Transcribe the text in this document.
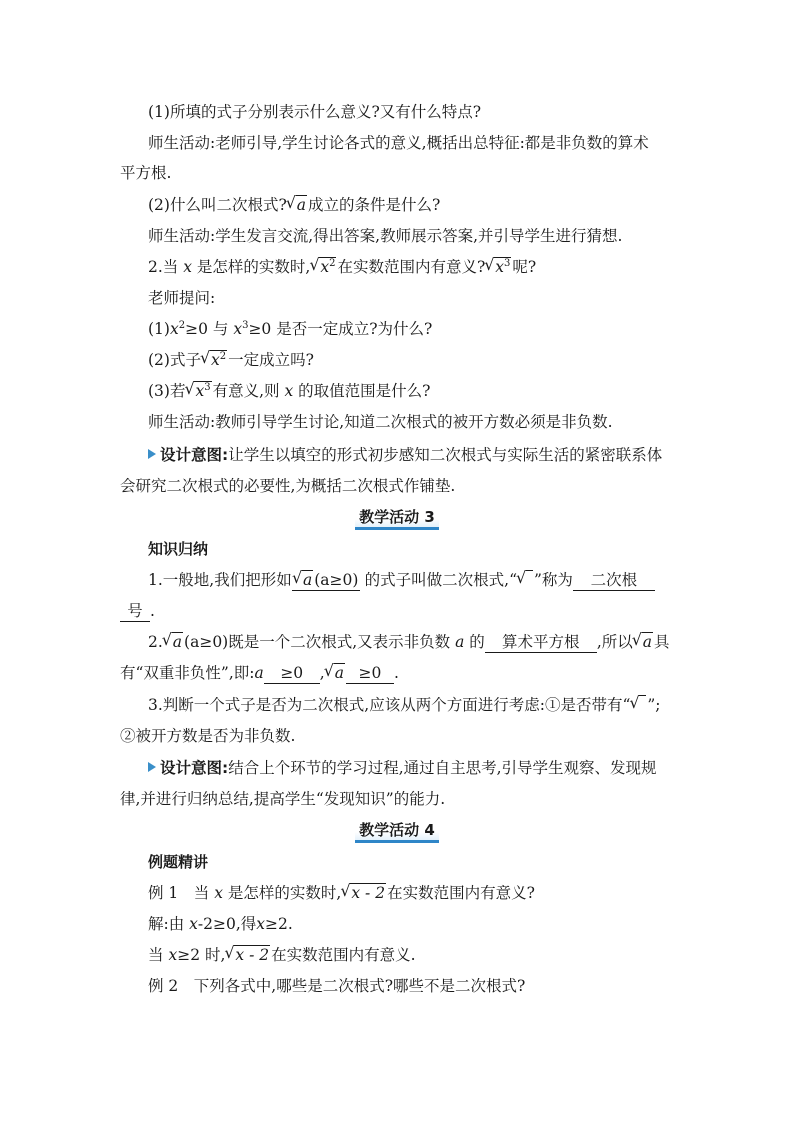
(1)所填的式子分别表示什么意义?又有什么特点?
师生活动:老师引导,学生讨论各式的意义,概括出总特征:都是非负数的算术
平方根.
(2)什么叫二次根式? √ a 成立的条件是什么?
师生活动:学生发言交流,得出答案,教师展示答案,并引导学生进行猜想.
2.当 x 是怎样的实数时, √ $x^2$ 在实数范围内有意义? √ $x^3$ 呢?
老师提问:
$(1)x^2\ge 0$ 与 $x^3\ge 0$ 是否一定成立?为什么?
(2)式子 √ $x^2$ 一定成立吗?
(3)若 √ $x^3$ 有意义,则 x 的取值范围是什么?
师生活动:教师引导学生讨论,知道二次根式的被开方数必须是非负数.
设计意图:让学生以填空的形式初步感知二次根式与实际生活的紧密联系体
会研究二次根式的必要性,为概括二次根式作铺垫.
教学活动 3
知识归纳
1.一般地,我们把形如 √ a (a≥0) 的式子叫做二次根式,“ √ ”称为 二次根
号 .
2. √ a (a≥0)既是一个二次根式,又表示非负数 a 的 算术平方根 ,所以 √ a 具
有“双重非负性”,即:a ≥0 , √ a ≥0 .
3.判断一个式子是否为二次根式,应该从两个方面进行考虑:①是否带有“ √ ”;
②被开方数是否为非负数.
设计意图:结合上个环节的学习过程,通过自主思考,引导学生观察、发现规
律,并进行归纳总结,提高学生“发现知识”的能力.
教学活动 4
例题精讲
例 1　当 x 是怎样的实数时, √ x - 2 在实数范围内有意义?
解:由 x-2≥0,得x≥2.
当 x≥2 时, √ x - 2 在实数范围内有意义.
例 2　下列各式中,哪些是二次根式?哪些不是二次根式?
